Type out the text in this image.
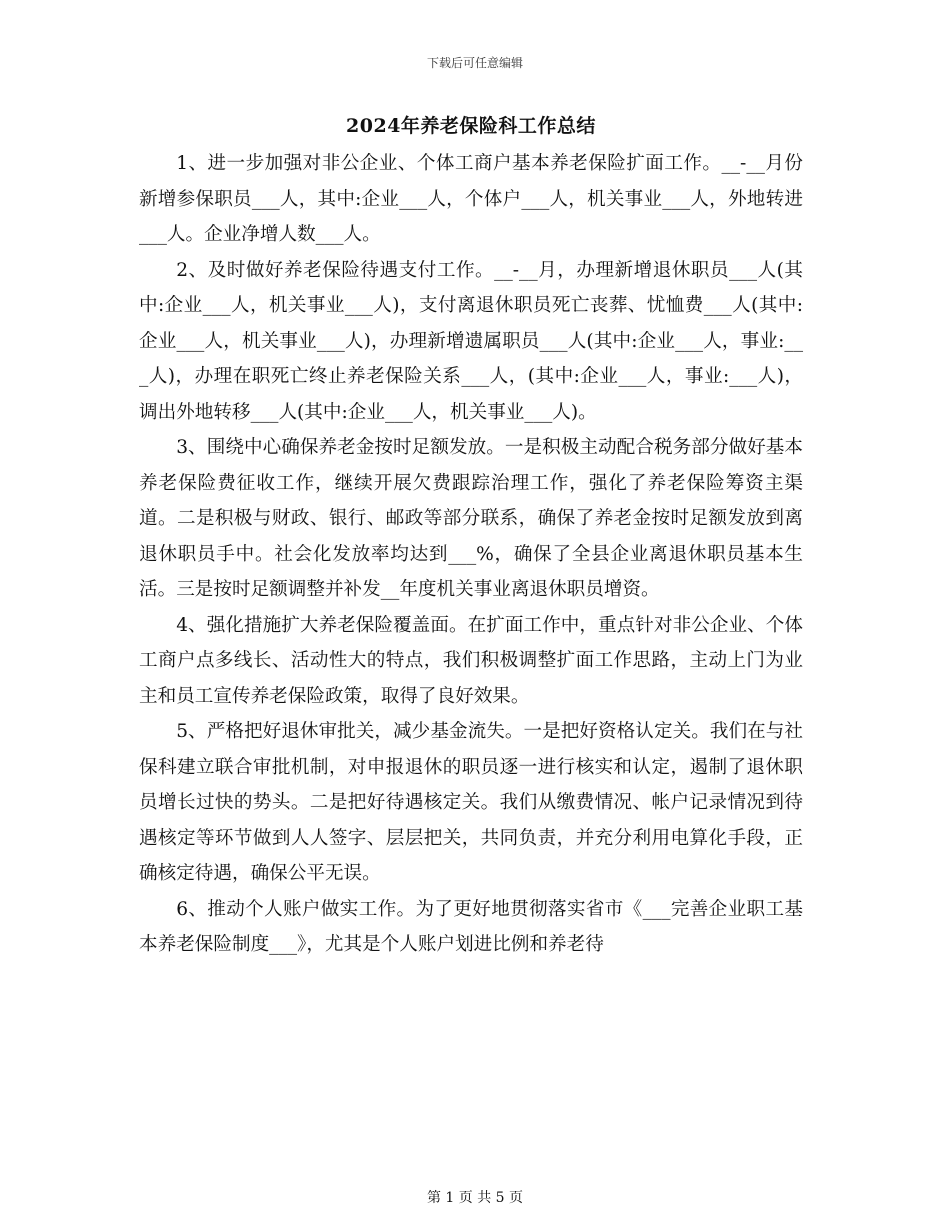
下载后可任意编辑
2024年养老保险科工作总结

1、进一步加强对非公企业、个体工商户基本养老保险扩面工作。__-__月份新增参保职员___人，其中:企业___人，个体户___人，机关事业___人，外地转进___人。企业净增人数___人。

2、及时做好养老保险待遇支付工作。__-__月，办理新增退休职员___人(其中:企业___人，机关事业___人)，支付离退休职员死亡丧葬、忧恤费___人(其中:企业___人，机关事业___人)，办理新增遗属职员___人(其中:企业___人，事业:___人)，办理在职死亡终止养老保险关系___人，(其中:企业___人，事业:___人)，调出外地转移___人(其中:企业___人，机关事业___人)。

3、围绕中心确保养老金按时足额发放。一是积极主动配合税务部分做好基本养老保险费征收工作，继续开展欠费跟踪治理工作，强化了养老保险筹资主渠道。二是积极与财政、银行、邮政等部分联系，确保了养老金按时足额发放到离退休职员手中。社会化发放率均达到___%，确保了全县企业离退休职员基本生活。三是按时足额调整并补发__年度机关事业离退休职员增资。

4、强化措施扩大养老保险覆盖面。在扩面工作中，重点针对非公企业、个体工商户点多线长、活动性大的特点，我们积极调整扩面工作思路，主动上门为业主和员工宣传养老保险政策，取得了良好效果。

5、严格把好退休审批关，减少基金流失。一是把好资格认定关。我们在与社保科建立联合审批机制，对申报退休的职员逐一进行核实和认定，遏制了退休职员增长过快的势头。二是把好待遇核定关。我们从缴费情况、帐户记录情况到待遇核定等环节做到人人签字、层层把关，共同负责，并充分利用电算化手段，正确核定待遇，确保公平无误。

6、推动个人账户做实工作。为了更好地贯彻落实省市《___完善企业职工基本养老保险制度___》，尤其是个人账户划进比例和养老待

第 1 页 共 5 页
